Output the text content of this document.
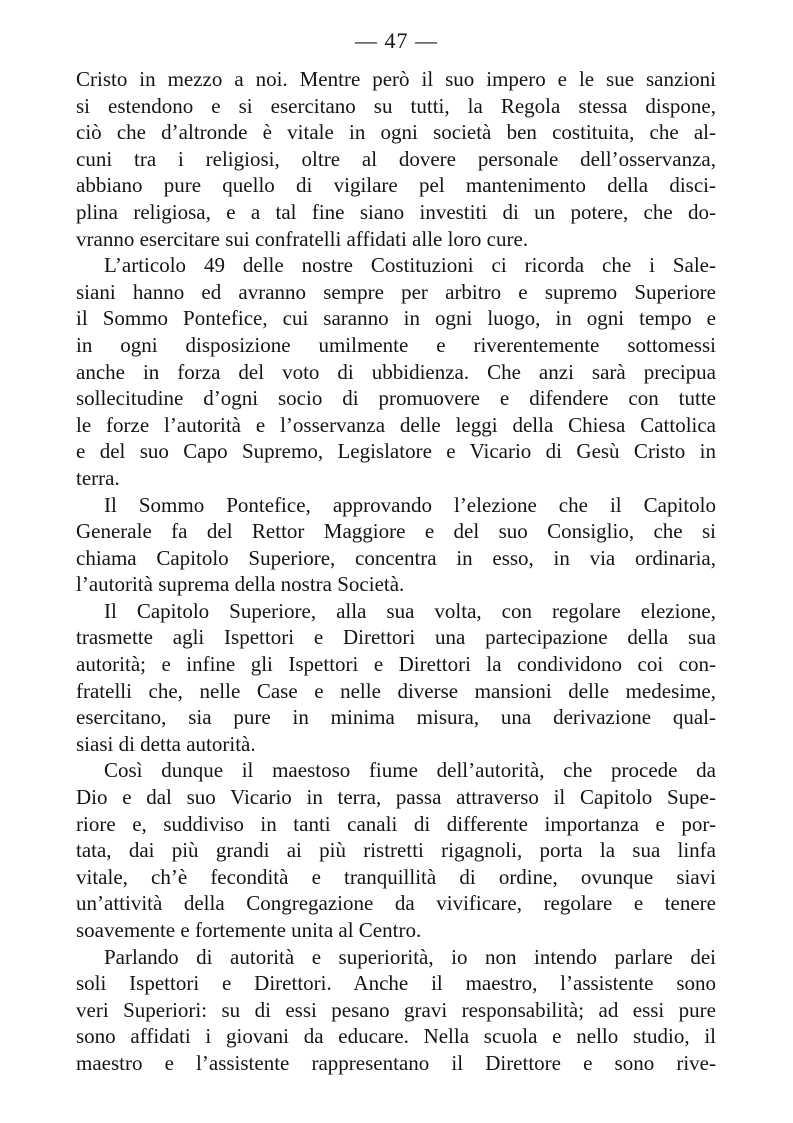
— 47 —
Cristo in mezzo a noi. Mentre però il suo impero e le sue sanzioni
si estendono e si esercitano su tutti, la Regola stessa dispone,
ciò che d’altronde è vitale in ogni società ben costituita, che al-
cuni tra i religiosi, oltre al dovere personale dell’osservanza,
abbiano pure quello di vigilare pel mantenimento della disci-
plina religiosa, e a tal fine siano investiti di un potere, che do-
vranno esercitare sui confratelli affidati alle loro cure.
L’articolo 49 delle nostre Costituzioni ci ricorda che i Sale-
siani hanno ed avranno sempre per arbitro e supremo Superiore
il Sommo Pontefice, cui saranno in ogni luogo, in ogni tempo e
in ogni disposizione umilmente e riverentemente sottomessi
anche in forza del voto di ubbidienza. Che anzi sarà precipua
sollecitudine d’ogni socio di promuovere e difendere con tutte
le forze l’autorità e l’osservanza delle leggi della Chiesa Cattolica
e del suo Capo Supremo, Legislatore e Vicario di Gesù Cristo in
terra.
Il Sommo Pontefice, approvando l’elezione che il Capitolo
Generale fa del Rettor Maggiore e del suo Consiglio, che si
chiama Capitolo Superiore, concentra in esso, in via ordinaria,
l’autorità suprema della nostra Società.
Il Capitolo Superiore, alla sua volta, con regolare elezione,
trasmette agli Ispettori e Direttori una partecipazione della sua
autorità; e infine gli Ispettori e Direttori la condividono coi con-
fratelli che, nelle Case e nelle diverse mansioni delle medesime,
esercitano, sia pure in minima misura, una derivazione qual-
siasi di detta autorità.
Così dunque il maestoso fiume dell’autorità, che procede da
Dio e dal suo Vicario in terra, passa attraverso il Capitolo Supe-
riore e, suddiviso in tanti canali di differente importanza e por-
tata, dai più grandi ai più ristretti rigagnoli, porta la sua linfa
vitale, ch’è fecondità e tranquillità di ordine, ovunque siavi
un’attività della Congregazione da vivificare, regolare e tenere
soavemente e fortemente unita al Centro.
Parlando di autorità e superiorità, io non intendo parlare dei
soli Ispettori e Direttori. Anche il maestro, l’assistente sono
veri Superiori: su di essi pesano gravi responsabilità; ad essi pure
sono affidati i giovani da educare. Nella scuola e nello studio, il
maestro e l’assistente rappresentano il Direttore e sono rive-
